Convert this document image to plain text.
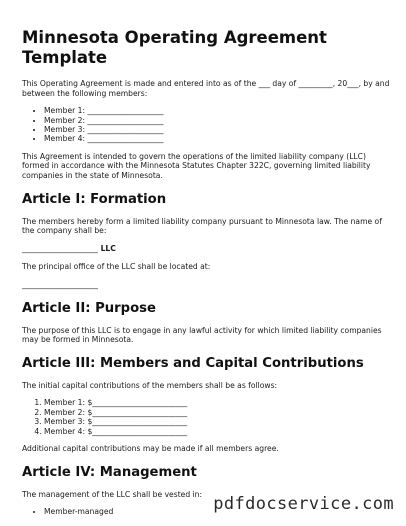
Minnesota Operating Agreement
Template

This Operating Agreement is made and entered into as of the ___ day of _________, 20___, by and between the following members:

• Member 1: ____________________
• Member 2: ____________________
• Member 3: ____________________
• Member 4: ____________________

This Agreement is intended to govern the operations of the limited liability company (LLC) formed in accordance with the Minnesota Statutes Chapter 322C, governing limited liability companies in the state of Minnesota.

Article I: Formation

The members hereby form a limited liability company pursuant to Minnesota law. The name of the company shall be:

____________________ LLC

The principal office of the LLC shall be located at:

____________________
Article II: Purpose

The purpose of this LLC is to engage in any lawful activity for which limited liability companies may be formed in Minnesota.

Article III: Members and Capital Contributions

The initial capital contributions of the members shall be as follows:

1. Member 1: $_________________________
2. Member 2: $_________________________
3. Member 3: $_________________________
4. Member 4: $_________________________

Additional capital contributions may be made if all members agree.

Article IV: Management

The management of the LLC shall be vested in:

• Member-managed	pdfdocservice.com
